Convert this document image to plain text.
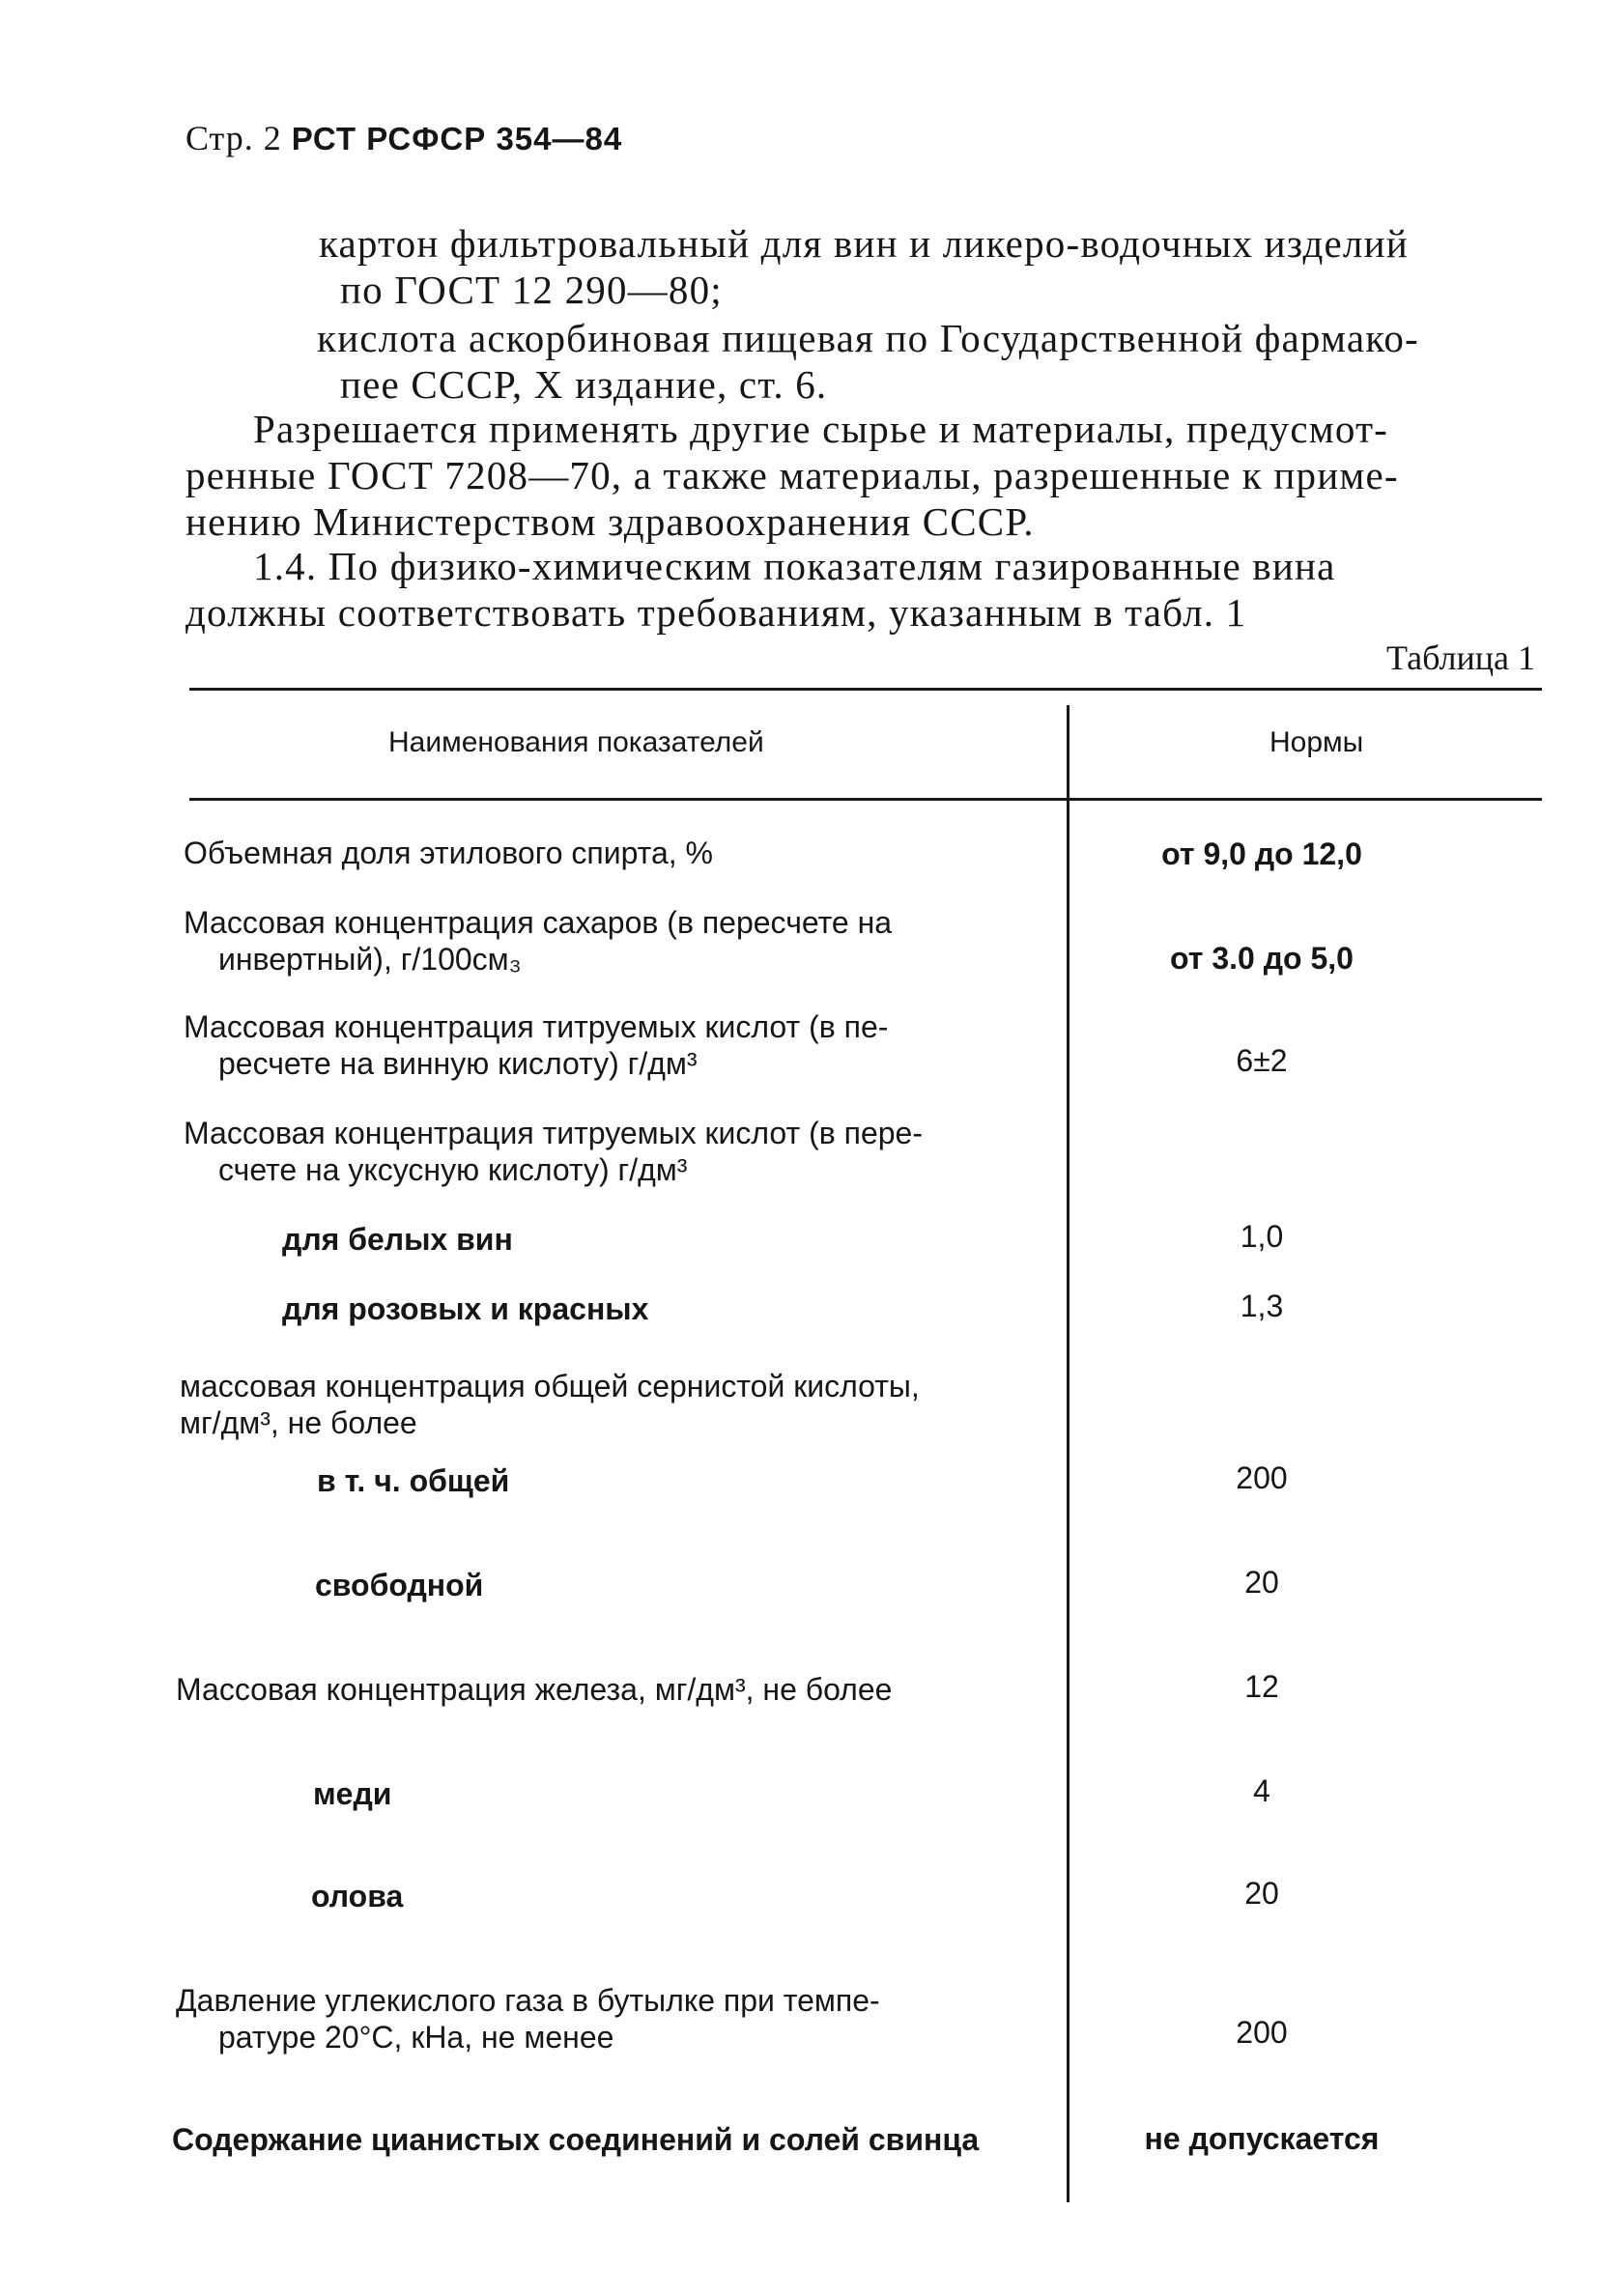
Стр. 2 РСТ РСФСР 354—84
картон фильтровальный для вин и ликеро-водочных изделий
по ГОСТ 12 290—80;
кислота аскорбиновая пищевая по Государственной фармако-
пее СССР, X издание, ст. 6.
Разрешается применять другие сырье и материалы, предусмот-
ренные ГОСТ 7208—70, а также материалы, разрешенные к приме-
нению Министерством здравоохранения СССР.
1.4. По физико-химическим показателям газированные вина
должны соответствовать требованиям, указанным в табл. 1
Таблица 1
Наименования показателей	Нормы
Объемная доля этилового спирта, %	от 9,0 до 12,0
Массовая концентрация сахаров (в пересчете на
инвертный), г/100см₃	от 3.0 до 5,0
Массовая концентрация титруемых кислот (в пе-
ресчете на винную кислоту) г/дм³	6±2
Массовая концентрация титруемых кислот (в пере-
счете на уксусную кислоту) г/дм³
для белых вин	1,0
для розовых и красных	1,3
массовая концентрация общей сернистой кислоты,
мг/дм³, не более
в т. ч. общей	200
свободной	20
Массовая концентрация железа, мг/дм³, не более	12
меди	4
олова	20
Давление углекислого газа в бутылке при темпе-
ратуре 20°C, кНа, не менее	200
Содержание цианистых соединений и солей свинца	не допускается
